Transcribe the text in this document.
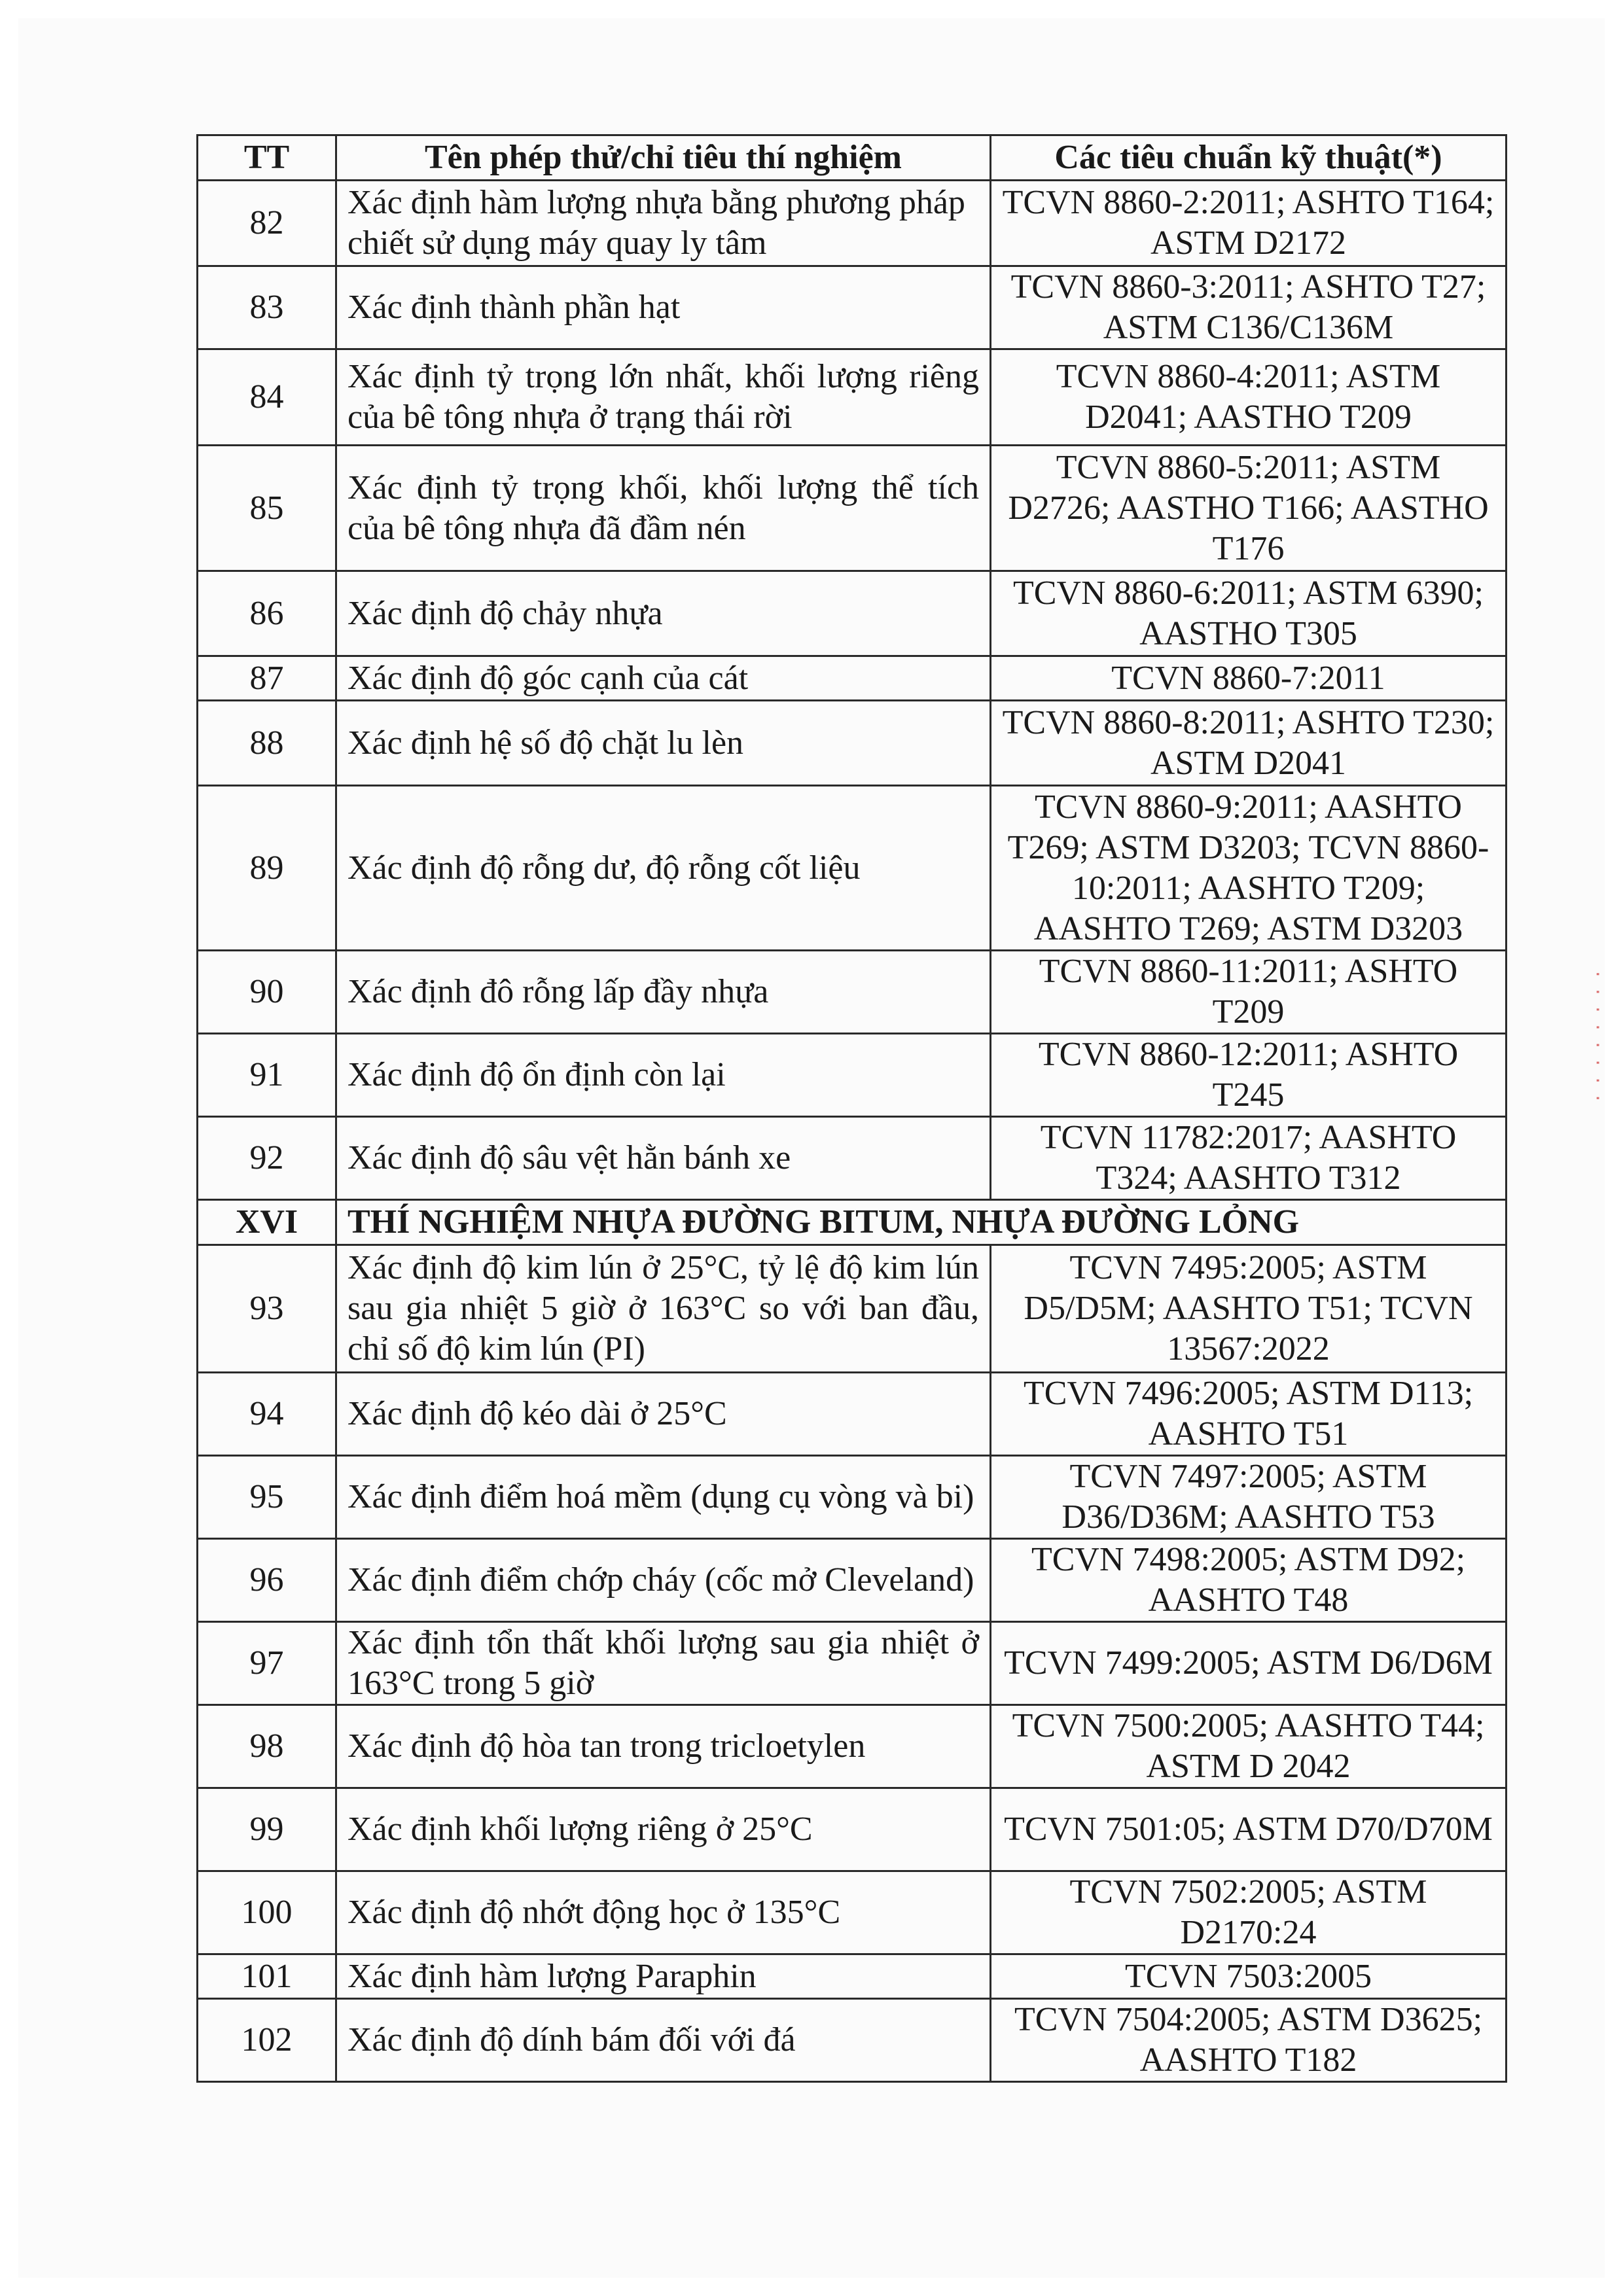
TT	Tên phép thử/chỉ tiêu thí nghiệm	Các tiêu chuẩn kỹ thuật(*)
82	Xác định hàm lượng nhựa bằng phương pháp chiết sử dụng máy quay ly tâm	TCVN 8860-2:2011; ASHTO T164; ASTM D2172
83	Xác định thành phần hạt	TCVN 8860-3:2011; ASHTO T27; ASTM C136/C136M
84	Xác định tỷ trọng lớn nhất, khối lượng riêng của bê tông nhựa ở trạng thái rời	TCVN 8860-4:2011; ASTM D2041; AASTHO T209
85	Xác định tỷ trọng khối, khối lượng thể tích của bê tông nhựa đã đầm nén	TCVN 8860-5:2011; ASTM D2726; AASTHO T166; AASTHO T176
86	Xác định độ chảy nhựa	TCVN 8860-6:2011; ASTM 6390; AASTHO T305
87	Xác định độ góc cạnh của cát	TCVN 8860-7:2011
88	Xác định hệ số độ chặt lu lèn	TCVN 8860-8:2011; ASHTO T230; ASTM D2041
89	Xác định độ rỗng dư, độ rỗng cốt liệu	TCVN 8860-9:2011; AASHTO T269; ASTM D3203; TCVN 8860-10:2011; AASHTO T209; AASHTO T269; ASTM D3203
90	Xác định đô rỗng lấp đầy nhựa	TCVN 8860-11:2011; ASHTO T209
91	Xác định độ ổn định còn lại	TCVN 8860-12:2011; ASHTO T245
92	Xác định độ sâu vệt hằn bánh xe	TCVN 11782:2017; AASHTO T324; AASHTO T312
XVI	THÍ NGHIỆM NHỰA ĐƯỜNG BITUM, NHỰA ĐƯỜNG LỎNG	
93	Xác định độ kim lún ở 25°C, tỷ lệ độ kim lún sau gia nhiệt 5 giờ ở 163°C so với ban đầu, chỉ số độ kim lún (PI)	TCVN 7495:2005; ASTM D5/D5M; AASHTO T51; TCVN 13567:2022
94	Xác định độ kéo dài ở 25°C	TCVN 7496:2005; ASTM D113; AASHTO T51
95	Xác định điểm hoá mềm (dụng cụ vòng và bi)	TCVN 7497:2005; ASTM D36/D36M; AASHTO T53
96	Xác định điểm chớp cháy (cốc mở Cleveland)	TCVN 7498:2005; ASTM D92; AASHTO T48
97	Xác định tổn thất khối lượng sau gia nhiệt ở 163°C trong 5 giờ	TCVN 7499:2005; ASTM D6/D6M
98	Xác định độ hòa tan trong tricloetylen	TCVN 7500:2005; AASHTO T44; ASTM D 2042
99	Xác định khối lượng riêng ở 25°C	TCVN 7501:05; ASTM D70/D70M
100	Xác định độ nhớt động học ở 135°C	TCVN 7502:2005; ASTM D2170:24
101	Xác định hàm lượng Paraphin	TCVN 7503:2005
102	Xác định độ dính bám đối với đá	TCVN 7504:2005; ASTM D3625; AASHTO T182
· · · · · · · ·
